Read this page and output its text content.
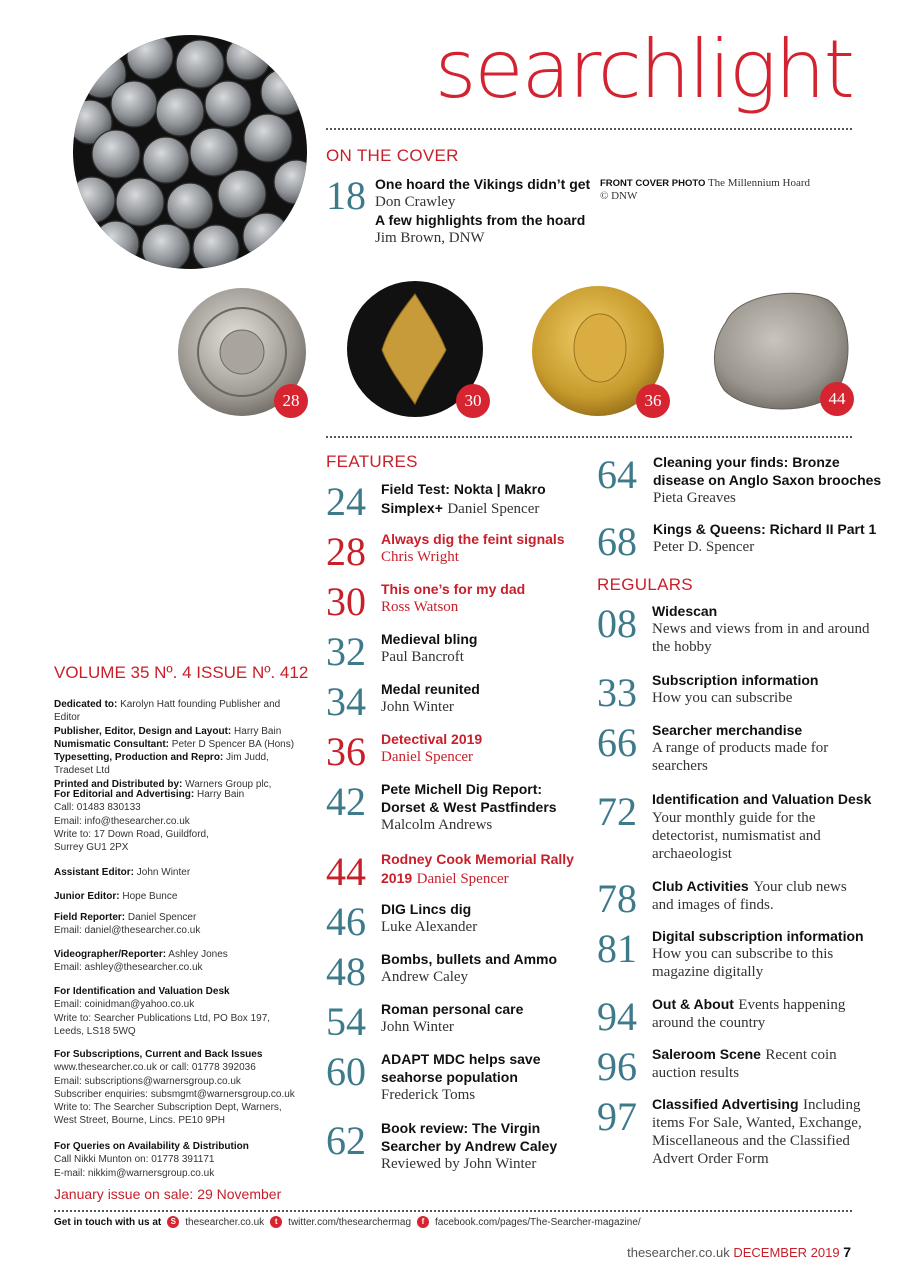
searchlight
ON THE COVER
18 One hoard the Vikings didn’t get
Don Crawley
A few highlights from the hoard
Jim Brown, DNW
FRONT COVER PHOTO The Millennium Hoard © DNW
28	30	36	44
FEATURES
24 Field Test: Nokta | Makro Simplex+ Daniel Spencer
28 Always dig the feint signals
Chris Wright
30 This one’s for my dad
Ross Watson
32 Medieval bling
Paul Bancroft
34 Medal reunited
John Winter
36 Detectival 2019
Daniel Spencer
42 Pete Michell Dig Report: Dorset & West Pastfinders
Malcolm Andrews
44 Rodney Cook Memorial Rally 2019 Daniel Spencer
46 DIG Lincs dig
Luke Alexander
48 Bombs, bullets and Ammo
Andrew Caley
54 Roman personal care
John Winter
60 ADAPT MDC helps save seahorse population
Frederick Toms
62 Book review: The Virgin Searcher by Andrew Caley
Reviewed by John Winter
64 Cleaning your finds: Bronze disease on Anglo Saxon brooches
Pieta Greaves
68 Kings & Queens: Richard II Part 1
Peter D. Spencer
REGULARS
08 Widescan
News and views from in and around the hobby
33 Subscription information
How you can subscribe
66 Searcher merchandise
A range of products made for searchers
72 Identification and Valuation Desk Your monthly guide for the detectorist, numismatist and archaeologist
78 Club Activities Your club news and images of finds.
81 Digital subscription information
How you can subscribe to this magazine digitally
94 Out & About Events happening around the country
96 Saleroom Scene Recent coin auction results
97 Classified Advertising Including items For Sale, Wanted, Exchange, Miscellaneous and the Classified Advert Order Form
VOLUME 35 Nº. 4 ISSUE Nº. 412
Dedicated to: Karolyn Hatt founding Publisher and Editor
Publisher, Editor, Design and Layout: Harry Bain
Numismatic Consultant: Peter D Spencer BA (Hons)
Typesetting, Production and Repro: Jim Judd, Tradeset Ltd
Printed and Distributed by: Warners Group plc,
For Editorial and Advertising: Harry Bain
Call: 01483 830133
Email: info@thesearcher.co.uk
Write to: 17 Down Road, Guildford,
Surrey GU1 2PX
Assistant Editor: John Winter
Junior Editor: Hope Bunce
Field Reporter: Daniel Spencer
Email: daniel@thesearcher.co.uk
Videographer/Reporter: Ashley Jones
Email: ashley@thesearcher.co.uk
For Identification and Valuation Desk
Email: coinidman@yahoo.co.uk
Write to: Searcher Publications Ltd, PO Box 197,
Leeds, LS18 5WQ
For Subscriptions, Current and Back Issues
www.thesearcher.co.uk or call: 01778 392036
Email: subscriptions@warnersgroup.co.uk
Subscriber enquiries: subsmgmt@warnersgroup.co.uk
Write to: The Searcher Subscription Dept, Warners,
West Street, Bourne, Lincs. PE10 9PH
For Queries on Availability & Distribution
Call Nikki Munton on: 01778 391171
E-mail: nikkim@warnersgroup.co.uk
January issue on sale: 29 November
Get in touch with us at	S thesearcher.co.uk	t	twitter.com/thesearchermag	f	facebook.com/pages/The-Searcher-magazine/
thesearcher.co.uk DECEMBER 2019 7
